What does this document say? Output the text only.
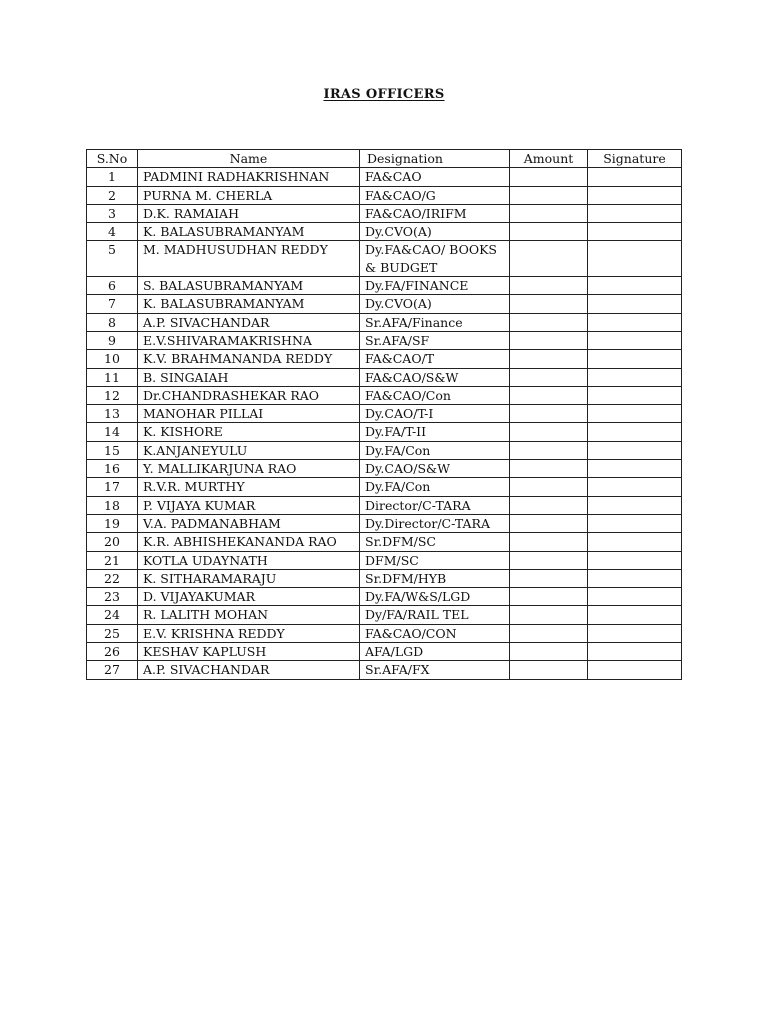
IRAS OFFICERS
S.No	Name	Designation	Amount	Signature
1	PADMINI RADHAKRISHNAN	FA&CAO		
2	PURNA M. CHERLA	FA&CAO/G		
3	D.K. RAMAIAH	FA&CAO/IRIFM		
4	K. BALASUBRAMANYAM	Dy.CVO(A)		
5	M. MADHUSUDHAN REDDY	Dy.FA&CAO/ BOOKS & BUDGET		
6	S. BALASUBRAMANYAM	Dy.FA/FINANCE		
7	K. BALASUBRAMANYAM	Dy.CVO(A)		
8	A.P. SIVACHANDAR	Sr.AFA/Finance		
9	E.V.SHIVARAMAKRISHNA	Sr.AFA/SF		
10	K.V. BRAHMANANDA REDDY	FA&CAO/T		
11	B. SINGAIAH	FA&CAO/S&W		
12	Dr.CHANDRASHEKAR RAO	FA&CAO/Con		
13	MANOHAR PILLAI	Dy.CAO/T-I		
14	K. KISHORE	Dy.FA/T-II		
15	K.ANJANEYULU	Dy.FA/Con		
16	Y. MALLIKARJUNA RAO	Dy.CAO/S&W		
17	R.V.R. MURTHY	Dy.FA/Con		
18	P. VIJAYA KUMAR	Director/C-TARA		
19	V.A. PADMANABHAM	Dy.Director/C-TARA		
20	K.R. ABHISHEKANANDA RAO	Sr.DFM/SC		
21	KOTLA UDAYNATH	DFM/SC		
22	K. SITHARAMARAJU	Sr.DFM/HYB		
23	D. VIJAYAKUMAR	Dy.FA/W&S/LGD		
24	R. LALITH MOHAN	Dy/FA/RAIL TEL		
25	E.V. KRISHNA REDDY	FA&CAO/CON		
26	KESHAV KAPLUSH	AFA/LGD		
27	A.P. SIVACHANDAR	Sr.AFA/FX		
